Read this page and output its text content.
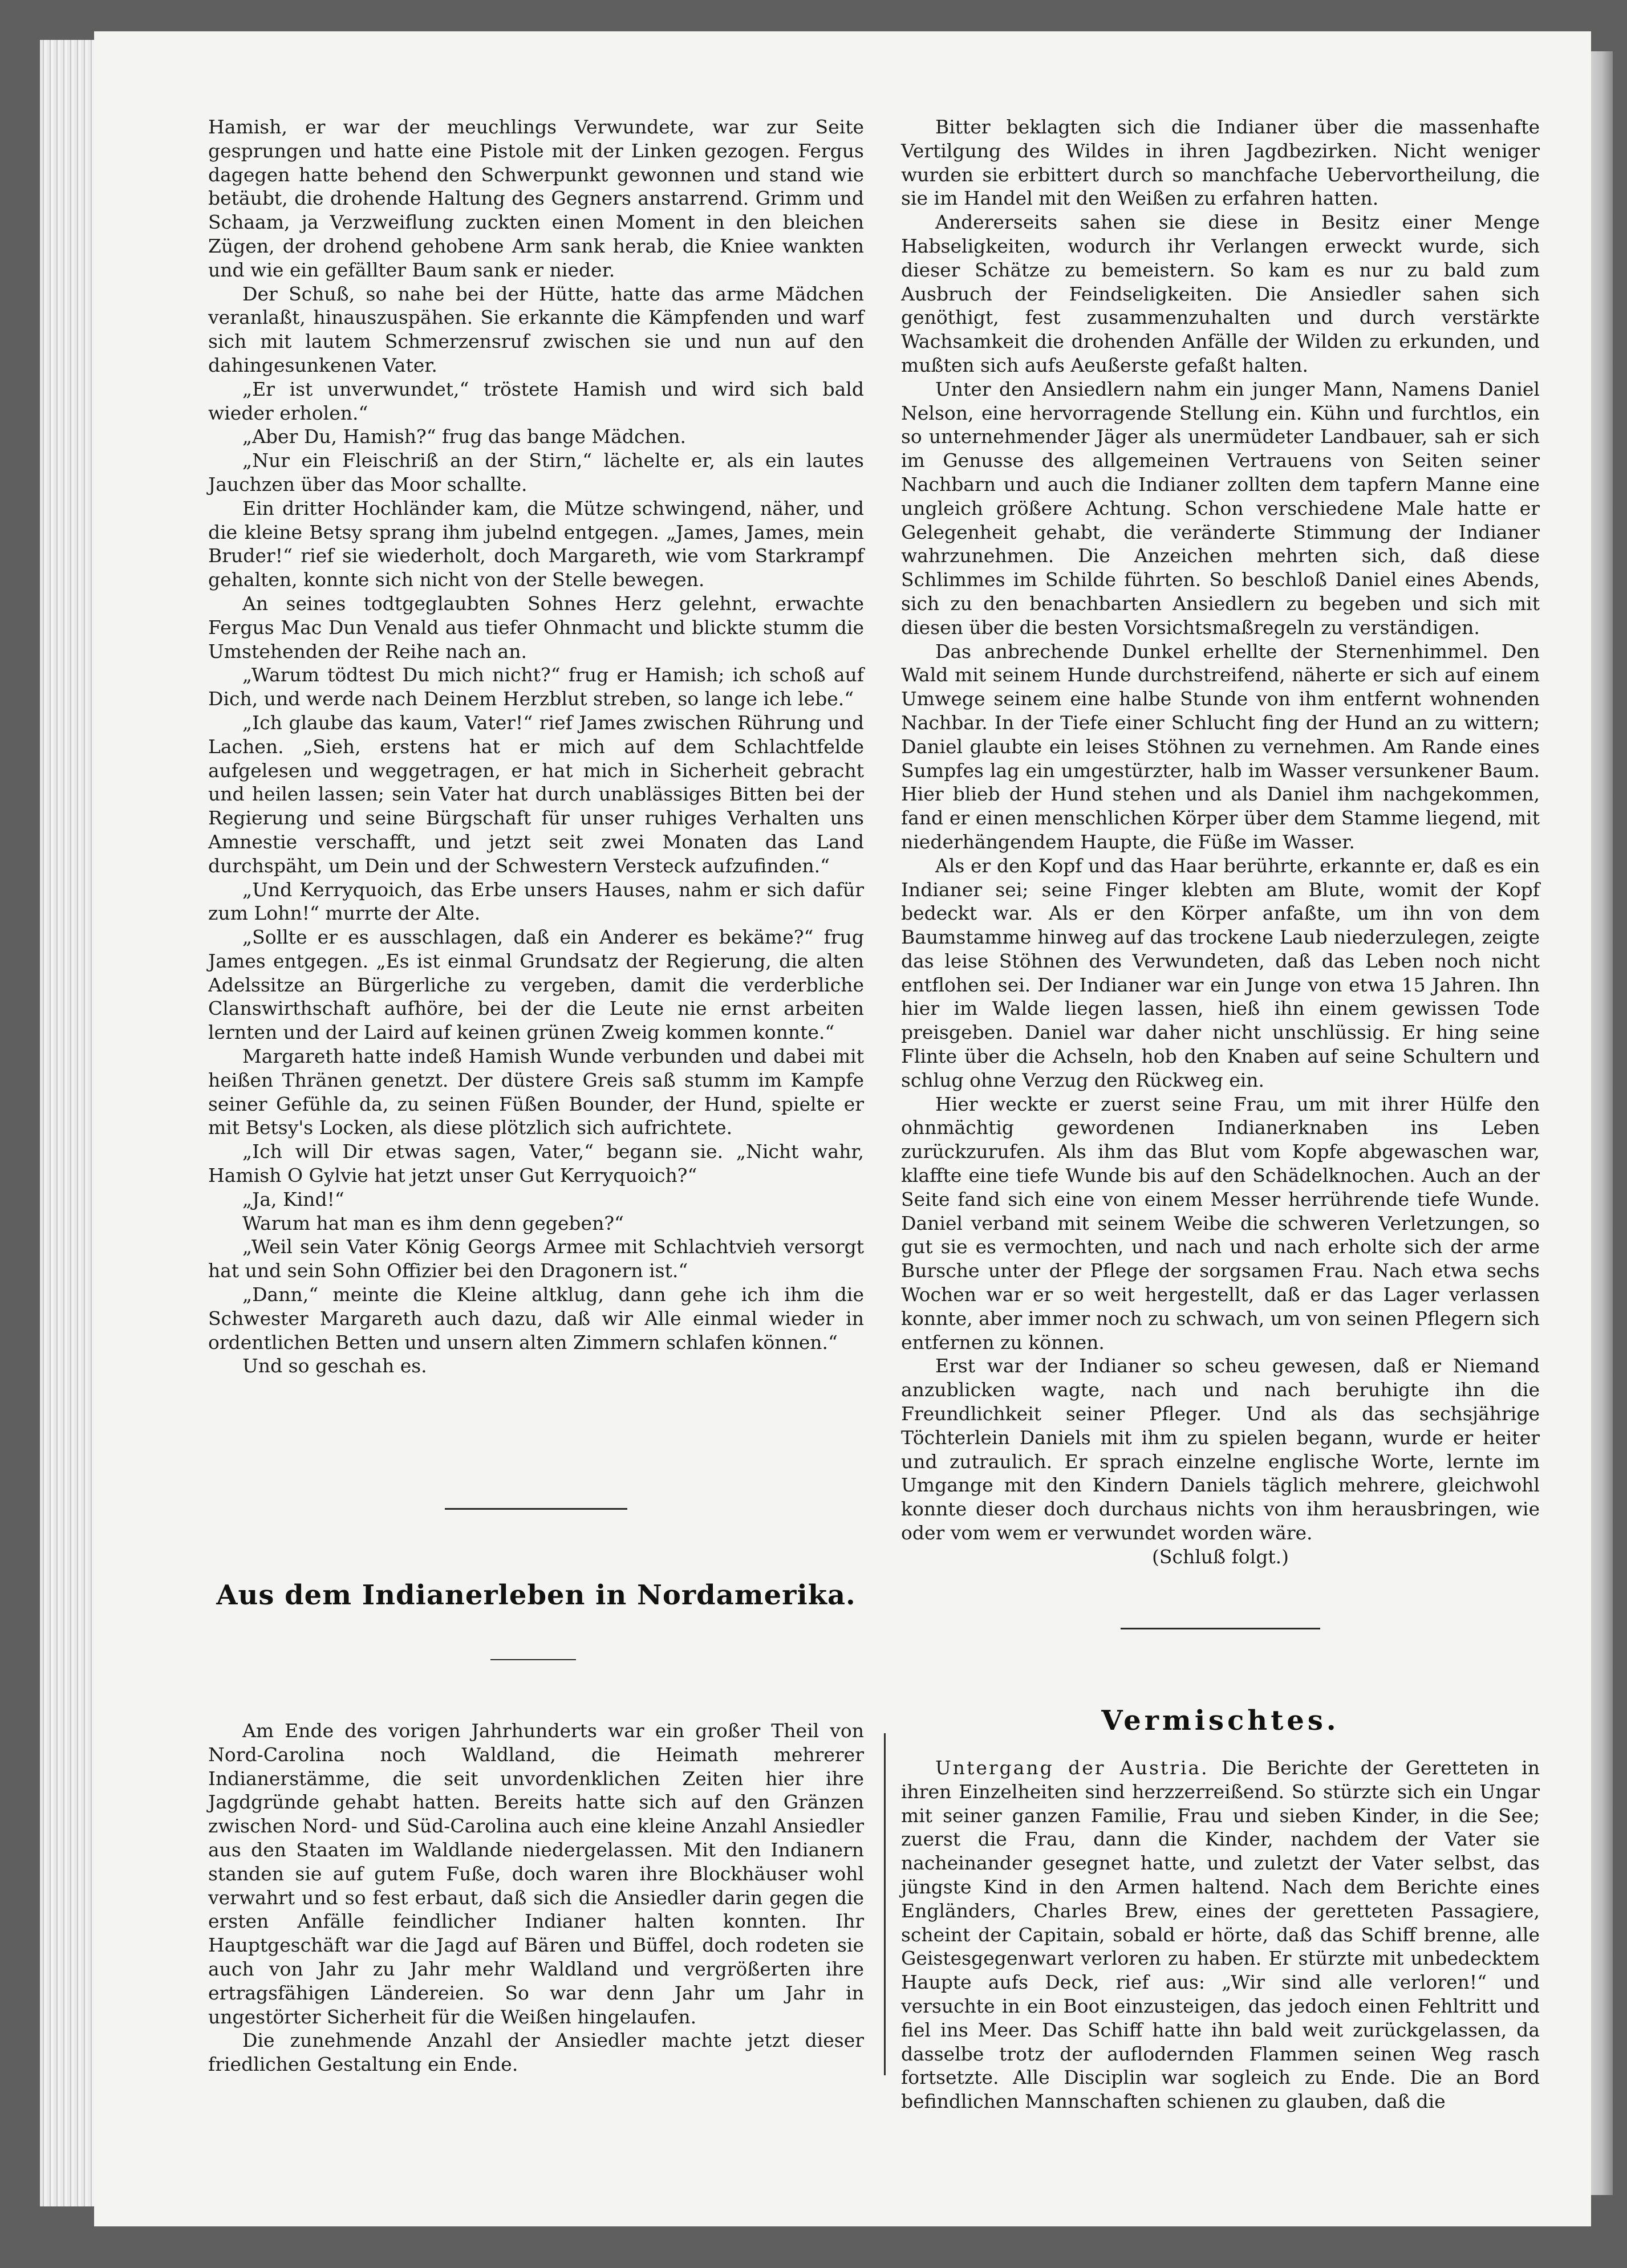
Hamish, er war der meuchlings Verwundete, war zur Seite gesprungen und hatte eine Pistole mit der Linken gezogen. Fergus dagegen hatte behend den Schwerpunkt gewonnen und stand wie betäubt, die drohende Haltung des Gegners anstarrend. Grimm und Schaam, ja Verzweiflung zuckten einen Moment in den bleichen Zügen, der drohend gehobene Arm sank herab, die Kniee wankten und wie ein gefällter Baum sank er nieder.

Der Schuß, so nahe bei der Hütte, hatte das arme Mädchen veranlaßt, hinauszuspähen. Sie erkannte die Kämpfenden und warf sich mit lautem Schmerzensruf zwischen sie und nun auf den dahingesunkenen Vater.

„Er ist unverwundet,“ tröstete Hamish und wird sich bald wieder erholen.“

„Aber Du, Hamish?“ frug das bange Mädchen.

„Nur ein Fleischriß an der Stirn,“ lächelte er, als ein lautes Jauchzen über das Moor schallte.

Ein dritter Hochländer kam, die Mütze schwingend, näher, und die kleine Betsy sprang ihm jubelnd entgegen. „James, James, mein Bruder!“ rief sie wiederholt, doch Margareth, wie vom Starkrampf gehalten, konnte sich nicht von der Stelle bewegen.

An seines todtgeglaubten Sohnes Herz gelehnt, erwachte Fergus Mac Dun Venald aus tiefer Ohnmacht und blickte stumm die Umstehenden der Reihe nach an.

„Warum tödtest Du mich nicht?“ frug er Hamish; ich schoß auf Dich, und werde nach Deinem Herzblut streben, so lange ich lebe.“

„Ich glaube das kaum, Vater!“ rief James zwischen Rührung und Lachen. „Sieh, erstens hat er mich auf dem Schlachtfelde aufgelesen und weggetragen, er hat mich in Sicherheit gebracht und heilen lassen; sein Vater hat durch unablässiges Bitten bei der Regierung und seine Bürgschaft für unser ruhiges Verhalten uns Amnestie verschafft, und jetzt seit zwei Monaten das Land durchspäht, um Dein und der Schwestern Versteck aufzufinden.“

„Und Kerryquoich, das Erbe unsers Hauses, nahm er sich dafür zum Lohn!“ murrte der Alte.

„Sollte er es ausschlagen, daß ein Anderer es bekäme?“ frug James entgegen. „Es ist einmal Grundsatz der Regierung, die alten Adelssitze an Bürgerliche zu vergeben, damit die verderbliche Clanswirthschaft aufhöre, bei der die Leute nie ernst arbeiten lernten und der Laird auf keinen grünen Zweig kommen konnte.“

Margareth hatte indeß Hamish Wunde verbunden und dabei mit heißen Thränen genetzt. Der düstere Greis saß stumm im Kampfe seiner Gefühle da, zu seinen Füßen Bounder, der Hund, spielte er mit Betsy's Locken, als diese plötzlich sich aufrichtete.

„Ich will Dir etwas sagen, Vater,“ begann sie. „Nicht wahr, Hamish O Gylvie hat jetzt unser Gut Kerryquoich?“

„Ja, Kind!“

Warum hat man es ihm denn gegeben?“

„Weil sein Vater König Georgs Armee mit Schlachtvieh versorgt hat und sein Sohn Offizier bei den Dragonern ist.“

„Dann,“ meinte die Kleine altklug, dann gehe ich ihm die Schwester Margareth auch dazu, daß wir Alle einmal wieder in ordentlichen Betten und unsern alten Zimmern schlafen können.“

Und so geschah es.

Aus dem Indianerleben in Nordamerika.

Am Ende des vorigen Jahrhunderts war ein großer Theil von Nord-Carolina noch Waldland, die Heimath mehrerer Indianerstämme, die seit unvordenklichen Zeiten hier ihre Jagdgründe gehabt hatten. Bereits hatte sich auf den Gränzen zwischen Nord- und Süd-Carolina auch eine kleine Anzahl Ansiedler aus den Staaten im Waldlande niedergelassen. Mit den Indianern standen sie auf gutem Fuße, doch waren ihre Blockhäuser wohl verwahrt und so fest erbaut, daß sich die Ansiedler darin gegen die ersten Anfälle feindlicher Indianer halten konnten. Ihr Hauptgeschäft war die Jagd auf Bären und Büffel, doch rodeten sie auch von Jahr zu Jahr mehr Waldland und vergrößerten ihre ertragsfähigen Ländereien. So war denn Jahr um Jahr in ungestörter Sicherheit für die Weißen hingelaufen.

Die zunehmende Anzahl der Ansiedler machte jetzt dieser friedlichen Gestaltung ein Ende.

Bitter beklagten sich die Indianer über die massenhafte Vertilgung des Wildes in ihren Jagdbezirken. Nicht weniger wurden sie erbittert durch so manchfache Uebervortheilung, die sie im Handel mit den Weißen zu erfahren hatten.

Andererseits sahen sie diese in Besitz einer Menge Habseligkeiten, wodurch ihr Verlangen erweckt wurde, sich dieser Schätze zu bemeistern. So kam es nur zu bald zum Ausbruch der Feindseligkeiten. Die Ansiedler sahen sich genöthigt, fest zusammenzuhalten und durch verstärkte Wachsamkeit die drohenden Anfälle der Wilden zu erkunden, und mußten sich aufs Aeußerste gefaßt halten.

Unter den Ansiedlern nahm ein junger Mann, Namens Daniel Nelson, eine hervorragende Stellung ein. Kühn und furchtlos, ein so unternehmender Jäger als unermüdeter Landbauer, sah er sich im Genusse des allgemeinen Vertrauens von Seiten seiner Nachbarn und auch die Indianer zollten dem tapfern Manne eine ungleich größere Achtung. Schon verschiedene Male hatte er Gelegenheit gehabt, die veränderte Stimmung der Indianer wahrzunehmen. Die Anzeichen mehrten sich, daß diese Schlimmes im Schilde führten. So beschloß Daniel eines Abends, sich zu den benachbarten Ansiedlern zu begeben und sich mit diesen über die besten Vorsichtsmaßregeln zu verständigen.

Das anbrechende Dunkel erhellte der Sternenhimmel. Den Wald mit seinem Hunde durchstreifend, näherte er sich auf einem Umwege seinem eine halbe Stunde von ihm entfernt wohnenden Nachbar. In der Tiefe einer Schlucht fing der Hund an zu wittern; Daniel glaubte ein leises Stöhnen zu vernehmen. Am Rande eines Sumpfes lag ein umgestürzter, halb im Wasser versunkener Baum. Hier blieb der Hund stehen und als Daniel ihm nachgekommen, fand er einen menschlichen Körper über dem Stamme liegend, mit niederhängendem Haupte, die Füße im Wasser.

Als er den Kopf und das Haar berührte, erkannte er, daß es ein Indianer sei; seine Finger klebten am Blute, womit der Kopf bedeckt war. Als er den Körper anfaßte, um ihn von dem Baumstamme hinweg auf das trockene Laub niederzulegen, zeigte das leise Stöhnen des Verwundeten, daß das Leben noch nicht entflohen sei. Der Indianer war ein Junge von etwa 15 Jahren. Ihn hier im Walde liegen lassen, hieß ihn einem gewissen Tode preisgeben. Daniel war daher nicht unschlüssig. Er hing seine Flinte über die Achseln, hob den Knaben auf seine Schultern und schlug ohne Verzug den Rückweg ein.

Hier weckte er zuerst seine Frau, um mit ihrer Hülfe den ohnmächtig gewordenen Indianerknaben ins Leben zurückzurufen. Als ihm das Blut vom Kopfe abgewaschen war, klaffte eine tiefe Wunde bis auf den Schädelknochen. Auch an der Seite fand sich eine von einem Messer herrührende tiefe Wunde. Daniel verband mit seinem Weibe die schweren Verletzungen, so gut sie es vermochten, und nach und nach erholte sich der arme Bursche unter der Pflege der sorgsamen Frau. Nach etwa sechs Wochen war er so weit hergestellt, daß er das Lager verlassen konnte, aber immer noch zu schwach, um von seinen Pflegern sich entfernen zu können.

Erst war der Indianer so scheu gewesen, daß er Niemand anzublicken wagte, nach und nach beruhigte ihn die Freundlichkeit seiner Pfleger. Und als das sechsjährige Töchterlein Daniels mit ihm zu spielen begann, wurde er heiter und zutraulich. Er sprach einzelne englische Worte, lernte im Umgange mit den Kindern Daniels täglich mehrere, gleichwohl konnte dieser doch durchaus nichts von ihm herausbringen, wie oder vom wem er verwundet worden wäre.

(Schluß folgt.)

Vermischtes.

Untergang der Austria. Die Berichte der Geretteten in ihren Einzelheiten sind herzzerreißend. So stürzte sich ein Ungar mit seiner ganzen Familie, Frau und sieben Kinder, in die See; zuerst die Frau, dann die Kinder, nachdem der Vater sie nacheinander gesegnet hatte, und zuletzt der Vater selbst, das jüngste Kind in den Armen haltend. Nach dem Berichte eines Engländers, Charles Brew, eines der geretteten Passagiere, scheint der Capitain, sobald er hörte, daß das Schiff brenne, alle Geistesgegenwart verloren zu haben. Er stürzte mit unbedecktem Haupte aufs Deck, rief aus: „Wir sind alle verloren!“ und versuchte in ein Boot einzusteigen, das jedoch einen Fehltritt und fiel ins Meer. Das Schiff hatte ihn bald weit zurückgelassen, da dasselbe trotz der auflodernden Flammen seinen Weg rasch fortsetzte. Alle Disciplin war sogleich zu Ende. Die an Bord befindlichen Mannschaften schienen zu glauben, daß die
